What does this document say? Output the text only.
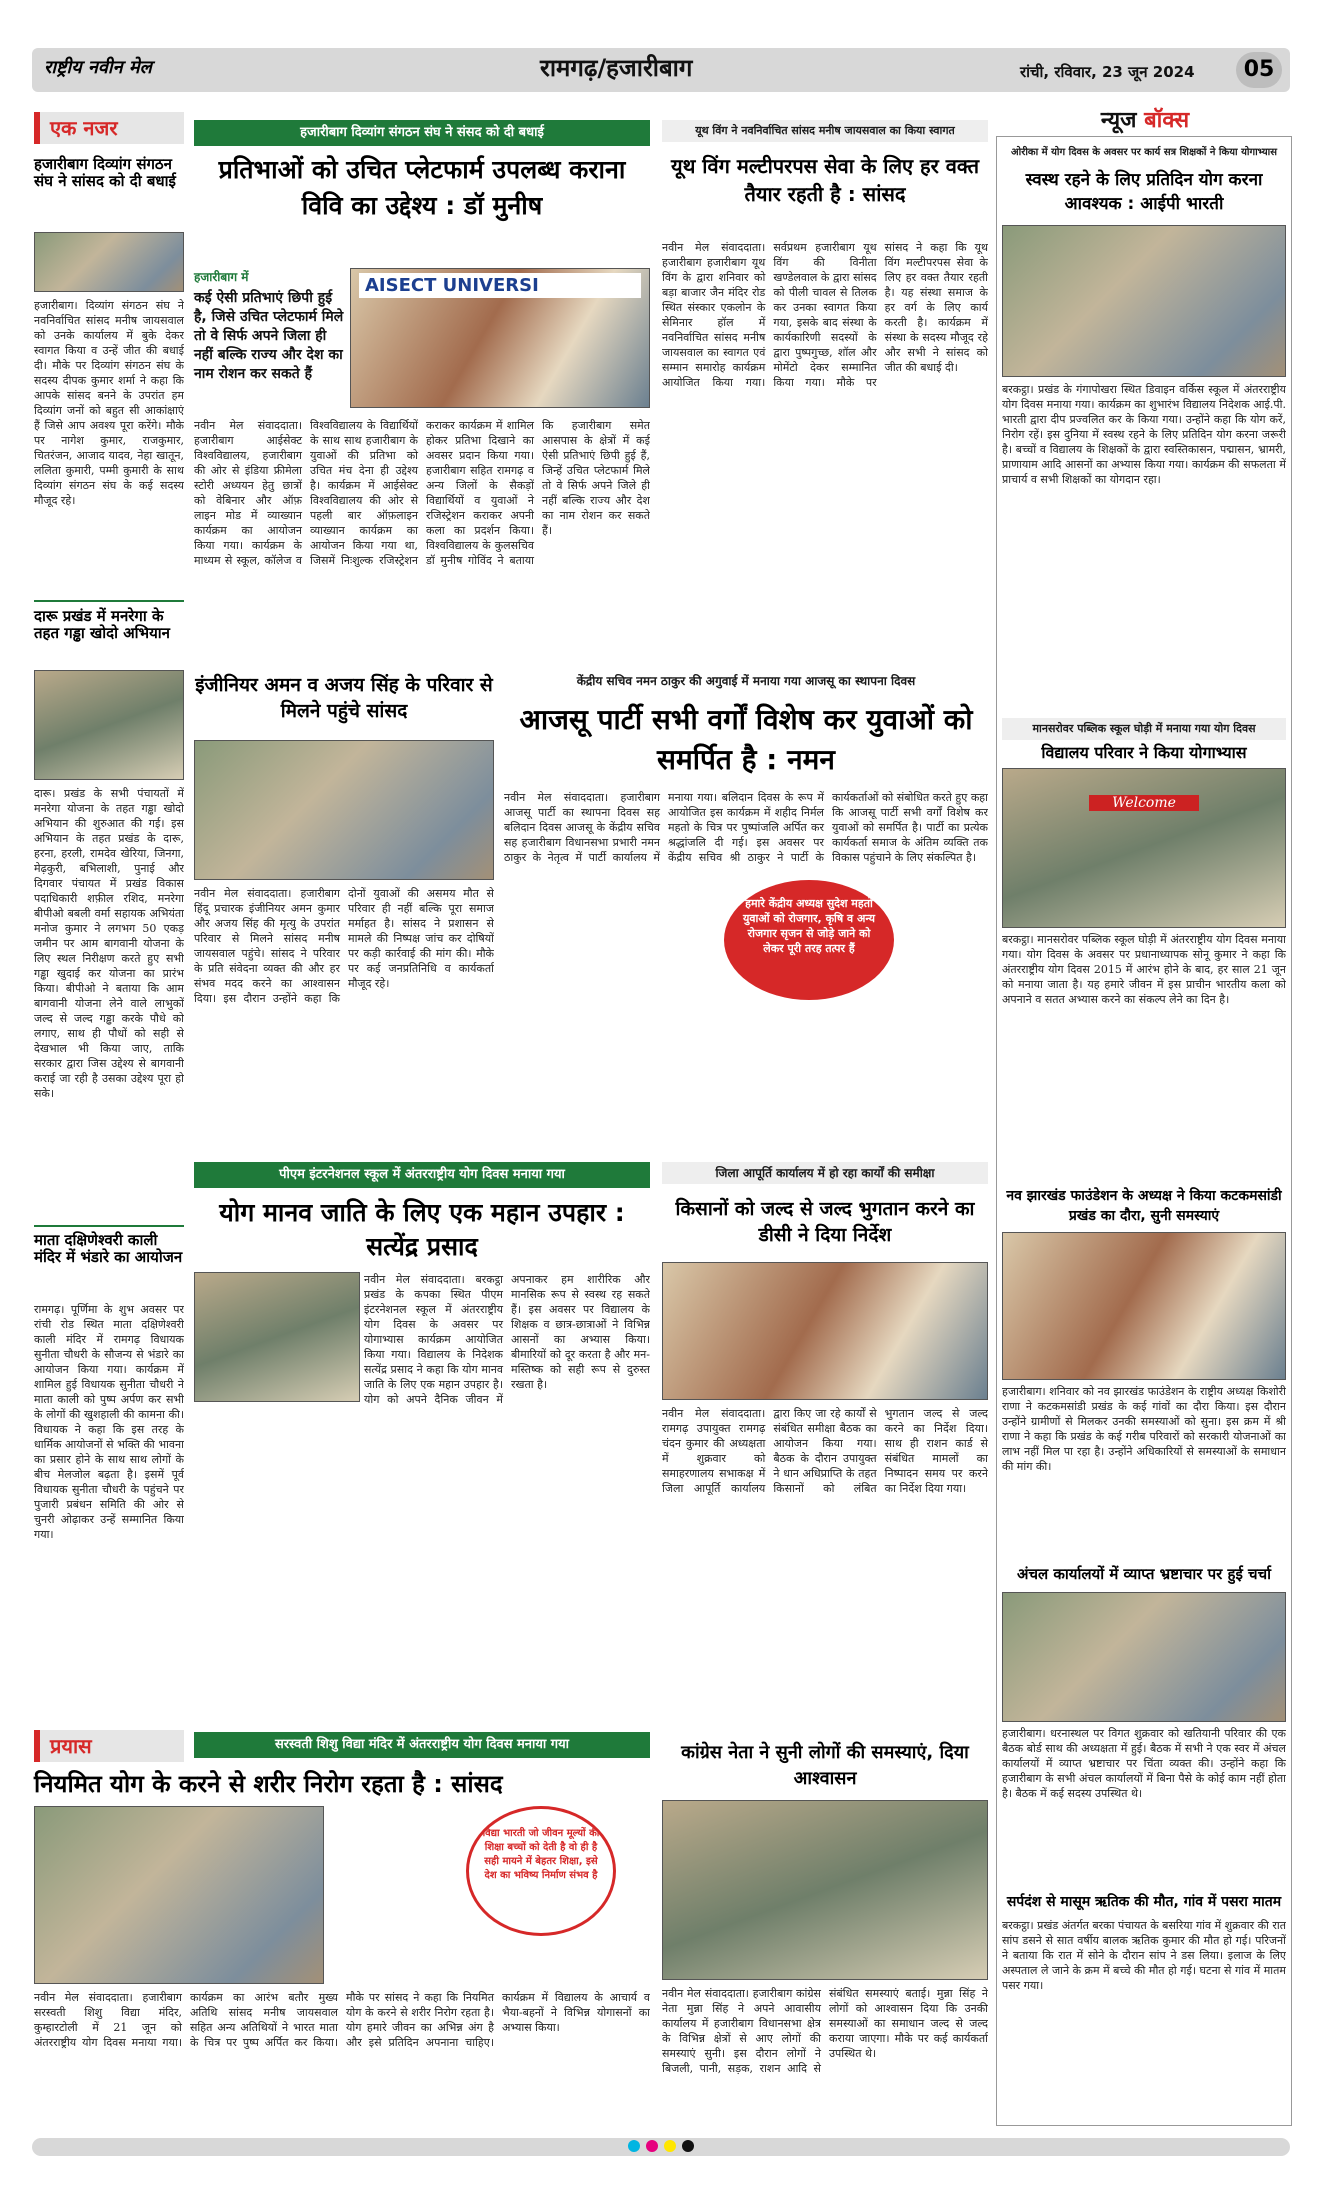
राष्ट्रीय नवीन मेल	रामगढ़/हजारीबाग	रांची, रविवार, 23 जून 2024	05
एक नजर
हजारीबाग दिव्यांग संगठन संघ ने सांसद को दी बधाई
हजारीबाग। दिव्यांग संगठन संघ ने नवनिर्वाचित सांसद मनीष जायसवाल को उनके कार्यालय में बुके देकर स्वागत किया व उन्हें जीत की बधाई दी। मौके पर दिव्यांग संगठन संघ के सदस्य दीपक कुमार शर्मा ने कहा कि आपके सांसद बनने के उपरांत हम दिव्यांग जनों को बहुत सी आकांक्षाएं हैं जिसे आप अवश्य पूरा करेंगे। मौके पर नागेश कुमार, राजकुमार, चितरंजन, आजाद यादव, नेहा खातून, ललिता कुमारी, पम्मी कुमारी के साथ दिव्यांग संगठन संघ के कई सदस्य मौजूद रहे।
दारू प्रखंड में मनरेगा के तहत गड्ढा खोदो अभियान
दारू। प्रखंड के सभी पंचायतों में मनरेगा योजना के तहत गड्ढा खोदो अभियान की शुरुआत की गई। इस अभियान के तहत प्रखंड के दारू, हरना, हरली, रामदेव खेरिया, जिनगा, मेढ़कुरी, बभिलाशी, पुनाई और दिगवार पंचायत में प्रखंड विकास पदाधिकारी शफ़ील रशिद, मनरेगा बीपीओ बबली वर्मा सहायक अभियंता मनोज कुमार ने लगभग 50 एकड़ जमीन पर आम बागवानी योजना के लिए स्थल निरीक्षण करते हुए सभी गड्ढा खुदाई कर योजना का प्रारंभ किया। बीपीओ ने बताया कि आम बागवानी योजना लेने वाले लाभुकों जल्द से जल्द गड्ढा करके पौधे को लगाए, साथ ही पौधों को सही से देखभाल भी किया जाए, ताकि सरकार द्वारा जिस उद्देश्य से बागवानी कराई जा रही है उसका उद्देश्य पूरा हो सके।
माता दक्षिणेश्वरी काली मंदिर में भंडारे का आयोजन
रामगढ़। पूर्णिमा के शुभ अवसर पर रांची रोड स्थित माता दक्षिणेश्वरी काली मंदिर में रामगढ़ विधायक सुनीता चौधरी के सौजन्य से भंडारे का आयोजन किया गया। कार्यक्रम में शामिल हुई विधायक सुनीता चौधरी ने माता काली को पुष्प अर्पण कर सभी के लोगों की खुशहाली की कामना की। विधायक ने कहा कि इस तरह के धार्मिक आयोजनों से भक्ति की भावना का प्रसार होने के साथ साथ लोगों के बीच मेलजोल बढ़ता है। इसमें पूर्व विधायक सुनीता चौधरी के पहुंचने पर पुजारी प्रबंधन समिति की ओर से चुनरी ओढ़ाकर उन्हें सम्मानित किया गया।
हजारीबाग दिव्यांग संगठन संघ ने संसद को दी बधाई
प्रतिभाओं को उचित प्लेटफार्म उपलब्ध कराना विवि का उद्देश्य : डॉ मुनीष
हजारीबाग में
कई ऐसी प्रतिभाएं छिपी हुई है, जिसे उचित प्लेटफार्म मिले तो वे सिर्फ अपने जिला ही नहीं बल्कि राज्य और देश का नाम रोशन कर सकते हैं
AISECT UNIVERSI
नवीन मेल संवाददाता। हजारीबाग आईसेक्ट विश्वविद्यालय, हजारीबाग की ओर से इंडिया फ्रीमेला स्टोरी अध्ययन हेतु छात्रों को वेबिनार और ऑफ़ लाइन मोड में व्याख्यान कार्यक्रम का आयोजन किया गया। कार्यक्रम के माध्यम से स्कूल, कॉलेज व विश्वविद्यालय के विद्यार्थियों के साथ साथ हजारीबाग के युवाओं की प्रतिभा को उचित मंच देना ही उद्देश्य है। कार्यक्रम में आईसेक्ट विश्वविद्यालय की ओर से पहली बार ऑफ़लाइन व्याख्यान कार्यक्रम का आयोजन किया गया था, जिसमें निःशुल्क रजिस्ट्रेशन कराकर कार्यक्रम में शामिल होकर प्रतिभा दिखाने का अवसर प्रदान किया गया। हजारीबाग सहित रामगढ़ व अन्य जिलों के सैकड़ों विद्यार्थियों व युवाओं ने रजिस्ट्रेशन कराकर अपनी कला का प्रदर्शन किया। विश्वविद्यालय के कुलसचिव डॉ मुनीष गोविंद ने बताया कि हजारीबाग समेत आसपास के क्षेत्रों में कई ऐसी प्रतिभाएं छिपी हुई हैं, जिन्हें उचित प्लेटफार्म मिले तो वे सिर्फ अपने जिले ही नहीं बल्कि राज्य और देश का नाम रोशन कर सकते हैं।
यूथ विंग ने नवनिर्वाचित सांसद मनीष जायसवाल का किया स्वागत
यूथ विंग मल्टीपरपस सेवा के लिए हर वक्त तैयार रहती है : सांसद
नवीन मेल संवाददाता। हजारीबाग हजारीबाग यूथ विंग के द्वारा शनिवार को बड़ा बाजार जैन मंदिर रोड स्थित संस्कार एकलोन के सेमिनार हॉल में नवनिर्वाचित सांसद मनीष जायसवाल का स्वागत एवं सम्मान समारोह कार्यक्रम आयोजित किया गया। सर्वप्रथम हजारीबाग यूथ विंग की विनीता खण्डेलवाल के द्वारा सांसद को पीली चावल से तिलक कर उनका स्वागत किया गया, इसके बाद संस्था के कार्यकारिणी सदस्यों के द्वारा पुष्पगुच्छ, शॉल और मोमेंटो देकर सम्मानित किया गया। मौके पर सांसद ने कहा कि यूथ विंग मल्टीपरपस सेवा के लिए हर वक्त तैयार रहती है। यह संस्था समाज के हर वर्ग के लिए कार्य करती है। कार्यक्रम में संस्था के सदस्य मौजूद रहे और सभी ने सांसद को जीत की बधाई दी।
न्यूज बॉक्स
ओरीका में योग दिवस के अवसर पर कार्य सत्र शिक्षकों ने किया योगाभ्यास
स्वस्थ रहने के लिए प्रतिदिन योग करना आवश्यक : आईपी भारती
बरकट्ठा। प्रखंड के गंगापोखरा स्थित डिवाइन वर्किस स्कूल में अंतरराष्ट्रीय योग दिवस मनाया गया। कार्यक्रम का शुभारंभ विद्यालय निदेशक आई.पी. भारती द्वारा दीप प्रज्वलित कर के किया गया। उन्होंने कहा कि योग करें, निरोग रहें। इस दुनिया में स्वस्थ रहने के लिए प्रतिदिन योग करना जरूरी है। बच्चों व विद्यालय के शिक्षकों के द्वारा स्वस्तिकासन, पद्मासन, भ्रामरी, प्राणायाम आदि आसनों का अभ्यास किया गया। कार्यक्रम की सफलता में प्राचार्य व सभी शिक्षकों का योगदान रहा।
मानसरोवर पब्लिक स्कूल घोड़ी में मनाया गया योग दिवस
विद्यालय परिवार ने किया योगाभ्यास
Welcome
बरकट्ठा। मानसरोवर पब्लिक स्कूल घोड़ी में अंतरराष्ट्रीय योग दिवस मनाया गया। योग दिवस के अवसर पर प्रधानाध्यापक सोनू कुमार ने कहा कि अंतरराष्ट्रीय योग दिवस 2015 में आरंभ होने के बाद, हर साल 21 जून को मनाया जाता है। यह हमारे जीवन में इस प्राचीन भारतीय कला को अपनाने व सतत अभ्यास करने का संकल्प लेने का दिन है।
नव झारखंड फाउंडेशन के अध्यक्ष ने किया कटकमसांडी प्रखंड का दौरा, सुनी समस्याएं
हजारीबाग। शनिवार को नव झारखंड फाउंडेशन के राष्ट्रीय अध्यक्ष किशोरी राणा ने कटकमसांडी प्रखंड के कई गांवों का दौरा किया। इस दौरान उन्होंने ग्रामीणों से मिलकर उनकी समस्याओं को सुना। इस क्रम में श्री राणा ने कहा कि प्रखंड के कई गरीब परिवारों को सरकारी योजनाओं का लाभ नहीं मिल पा रहा है। उन्होंने अधिकारियों से समस्याओं के समाधान की मांग की।
अंचल कार्यालयों में व्याप्त भ्रष्टाचार पर हुई चर्चा
हजारीबाग। धरनास्थल पर विगत शुक्रवार को खतियानी परिवार की एक बैठक बोर्ड साथ की अध्यक्षता में हुई। बैठक में सभी ने एक स्वर में अंचल कार्यालयों में व्याप्त भ्रष्टाचार पर चिंता व्यक्त की। उन्होंने कहा कि हजारीबाग के सभी अंचल कार्यालयों में बिना पैसे के कोई काम नहीं होता है। बैठक में कई सदस्य उपस्थित थे।
सर्पदंश से मासूम ऋतिक की मौत, गांव में पसरा मातम
बरकट्ठा। प्रखंड अंतर्गत बरका पंचायत के बसरिया गांव में शुक्रवार की रात सांप डसने से सात वर्षीय बालक ऋतिक कुमार की मौत हो गई। परिजनों ने बताया कि रात में सोने के दौरान सांप ने डस लिया। इलाज के लिए अस्पताल ले जाने के क्रम में बच्चे की मौत हो गई। घटना से गांव में मातम पसर गया।
इंजीनियर अमन व अजय सिंह के परिवार से मिलने पहुंचे सांसद
नवीन मेल संवाददाता। हजारीबाग हिंदू प्रचारक इंजीनियर अमन कुमार और अजय सिंह की मृत्यु के उपरांत परिवार से मिलने सांसद मनीष जायसवाल पहुंचे। सांसद ने परिवार के प्रति संवेदना व्यक्त की और हर संभव मदद करने का आश्वासन दिया। इस दौरान उन्होंने कहा कि दोनों युवाओं की असमय मौत से परिवार ही नहीं बल्कि पूरा समाज मर्माहत है। सांसद ने प्रशासन से मामले की निष्पक्ष जांच कर दोषियों पर कड़ी कार्रवाई की मांग की। मौके पर कई जनप्रतिनिधि व कार्यकर्ता मौजूद रहे।
केंद्रीय सचिव नमन ठाकुर की अगुवाई में मनाया गया आजसू का स्थापना दिवस
आजसू पार्टी सभी वर्गों विशेष कर युवाओं को समर्पित है : नमन
नवीन मेल संवाददाता। हजारीबाग आजसू पार्टी का स्थापना दिवस सह बलिदान दिवस आजसू के केंद्रीय सचिव सह हजारीबाग विधानसभा प्रभारी नमन ठाकुर के नेतृत्व में पार्टी कार्यालय में मनाया गया। बलिदान दिवस के रूप में आयोजित इस कार्यक्रम में शहीद निर्मल महतो के चित्र पर पुष्पांजलि अर्पित कर श्रद्धांजलि दी गई। इस अवसर पर केंद्रीय सचिव श्री ठाकुर ने पार्टी के कार्यकर्ताओं को संबोधित करते हुए कहा कि आजसू पार्टी सभी वर्गों विशेष कर युवाओं को समर्पित है। पार्टी का प्रत्येक कार्यकर्ता समाज के अंतिम व्यक्ति तक विकास पहुंचाने के लिए संकल्पित है।
हमारे केंद्रीय अध्यक्ष सुदेश महतो युवाओं को रोजगार, कृषि व अन्य रोजगार सृजन से जोड़े जाने को लेकर पूरी तरह तत्पर हैं
पीएम इंटरनेशनल स्कूल में अंतरराष्ट्रीय योग दिवस मनाया गया
योग मानव जाति के लिए एक महान उपहार : सत्येंद्र प्रसाद
नवीन मेल संवाददाता। बरकट्ठा प्रखंड के कपका स्थित पीएम इंटरनेशनल स्कूल में अंतरराष्ट्रीय योग दिवस के अवसर पर योगाभ्यास कार्यक्रम आयोजित किया गया। विद्यालय के निदेशक सत्येंद्र प्रसाद ने कहा कि योग मानव जाति के लिए एक महान उपहार है। योग को अपने दैनिक जीवन में अपनाकर हम शारीरिक और मानसिक रूप से स्वस्थ रह सकते हैं। इस अवसर पर विद्यालय के शिक्षक व छात्र-छात्राओं ने विभिन्न आसनों का अभ्यास किया। बीमारियों को दूर करता है और मन-मस्तिष्क को सही रूप से दुरुस्त रखता है।
जिला आपूर्ति कार्यालय में हो रहा कार्यों की समीक्षा
किसानों को जल्द से जल्द भुगतान करने का डीसी ने दिया निर्देश
नवीन मेल संवाददाता। रामगढ़ उपायुक्त रामगढ़ चंदन कुमार की अध्यक्षता में शुक्रवार को समाहरणालय सभाकक्ष में जिला आपूर्ति कार्यालय द्वारा किए जा रहे कार्यों से संबंधित समीक्षा बैठक का आयोजन किया गया। बैठक के दौरान उपायुक्त ने धान अधिप्राप्ति के तहत किसानों को लंबित भुगतान जल्द से जल्द करने का निर्देश दिया। साथ ही राशन कार्ड से संबंधित मामलों का निष्पादन समय पर करने का निर्देश दिया गया।
प्रयास	सरस्वती शिशु विद्या मंदिर में अंतरराष्ट्रीय योग दिवस मनाया गया
नियमित योग के करने से शरीर निरोग रहता है : सांसद
विद्या भारती जो जीवन मूल्यों की शिक्षा बच्चों को देती है वो ही है सही मायने में बेहतर शिक्षा, इसे देश का भविष्य निर्माण संभव है
नवीन मेल संवाददाता। हजारीबाग सरस्वती शिशु विद्या मंदिर, कुम्हारटोली में 21 जून को अंतरराष्ट्रीय योग दिवस मनाया गया। कार्यक्रम का आरंभ बतौर मुख्य अतिथि सांसद मनीष जायसवाल सहित अन्य अतिथियों ने भारत माता के चित्र पर पुष्प अर्पित कर किया। मौके पर सांसद ने कहा कि नियमित योग के करने से शरीर निरोग रहता है। योग हमारे जीवन का अभिन्न अंग है और इसे प्रतिदिन अपनाना चाहिए। कार्यक्रम में विद्यालय के आचार्य व भैया-बहनों ने विभिन्न योगासनों का अभ्यास किया।
कांग्रेस नेता ने सुनी लोगों की समस्याएं, दिया आश्वासन
नवीन मेल संवाददाता। हजारीबाग कांग्रेस नेता मुन्ना सिंह ने अपने आवासीय कार्यालय में हजारीबाग विधानसभा क्षेत्र के विभिन्न क्षेत्रों से आए लोगों की समस्याएं सुनी। इस दौरान लोगों ने बिजली, पानी, सड़क, राशन आदि से संबंधित समस्याएं बताई। मुन्ना सिंह ने लोगों को आश्वासन दिया कि उनकी समस्याओं का समाधान जल्द से जल्द कराया जाएगा। मौके पर कई कार्यकर्ता उपस्थित थे।
